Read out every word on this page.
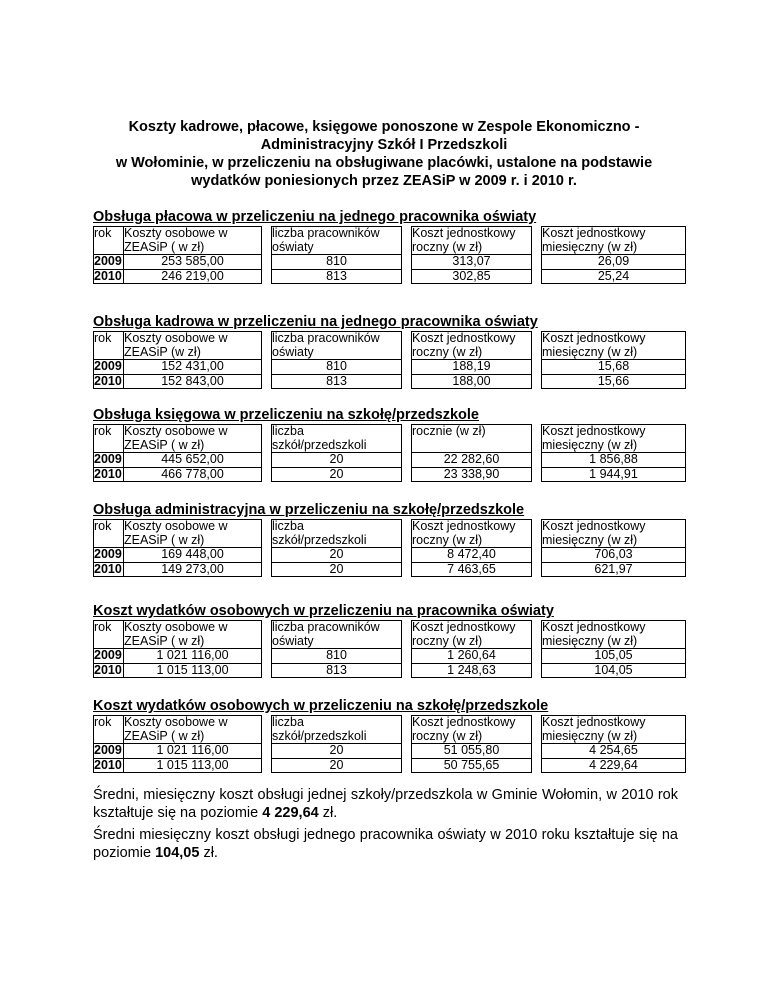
Koszty kadrowe, płacowe, księgowe ponoszone w Zespole Ekonomiczno -
Administracyjny Szkół I Przedszkoli
w Wołominie, w przeliczeniu na obsługiwane placówki, ustalone na podstawie
wydatków poniesionych przez ZEASiP w 2009 r. i 2010 r.
Obsługa płacowa w przeliczeniu na jednego pracownika oświaty
rok	Koszty osobowe w ZEASiP ( w zł)		liczba pracowników oświaty		Koszt jednostkowy roczny (w zł)		Koszt jednostkowy miesięczny (w zł)
2009	253 585,00		810		313,07		26,09
2010	246 219,00		813		302,85		25,24
Obsługa kadrowa w przeliczeniu na jednego pracownika oświaty
rok	Koszty osobowe w ZEASiP (w zł)		liczba pracowników oświaty		Koszt jednostkowy roczny (w zł)		Koszt jednostkowy miesięczny (w zł)
2009	152 431,00		810		188,19		15,68
2010	152 843,00		813		188,00		15,66
Obsługa księgowa w przeliczeniu na szkołę/przedszkole
rok	Koszty osobowe w ZEASiP ( w zł)		liczba szkół/przedszkoli		rocznie (w zł)		Koszt jednostkowy miesięczny (w zł)
2009	445 652,00		20		22 282,60		1 856,88
2010	466 778,00		20		23 338,90		1 944,91
Obsługa administracyjna w przeliczeniu na szkołę/przedszkole
rok	Koszty osobowe w ZEASiP ( w zł)		liczba szkół/przedszkoli		Koszt jednostkowy roczny (w zł)		Koszt jednostkowy miesięczny (w zł)
2009	169 448,00		20		8 472,40		706,03
2010	149 273,00		20		7 463,65		621,97
Koszt wydatków osobowych w przeliczeniu na pracownika oświaty
rok	Koszty osobowe w ZEASiP ( w zł)		liczba pracowników oświaty		Koszt jednostkowy roczny (w zł)		Koszt jednostkowy miesięczny (w zł)
2009	1 021 116,00		810		1 260,64		105,05
2010	1 015 113,00		813		1 248,63		104,05
Koszt wydatków osobowych w przeliczeniu na szkołę/przedszkole
rok	Koszty osobowe w ZEASiP ( w zł)		liczba szkół/przedszkoli		Koszt jednostkowy roczny (w zł)		Koszt jednostkowy miesięczny (w zł)
2009	1 021 116,00		20		51 055,80		4 254,65
2010	1 015 113,00		20		50 755,65		4 229,64

Średni, miesięczny koszt obsługi jednej szkoły/przedszkola w Gminie Wołomin, w 2010 rok kształtuje się na poziomie 4 229,64 zł.

Średni miesięczny koszt obsługi jednego pracownika oświaty w 2010 roku kształtuje się na poziomie 104,05 zł.
